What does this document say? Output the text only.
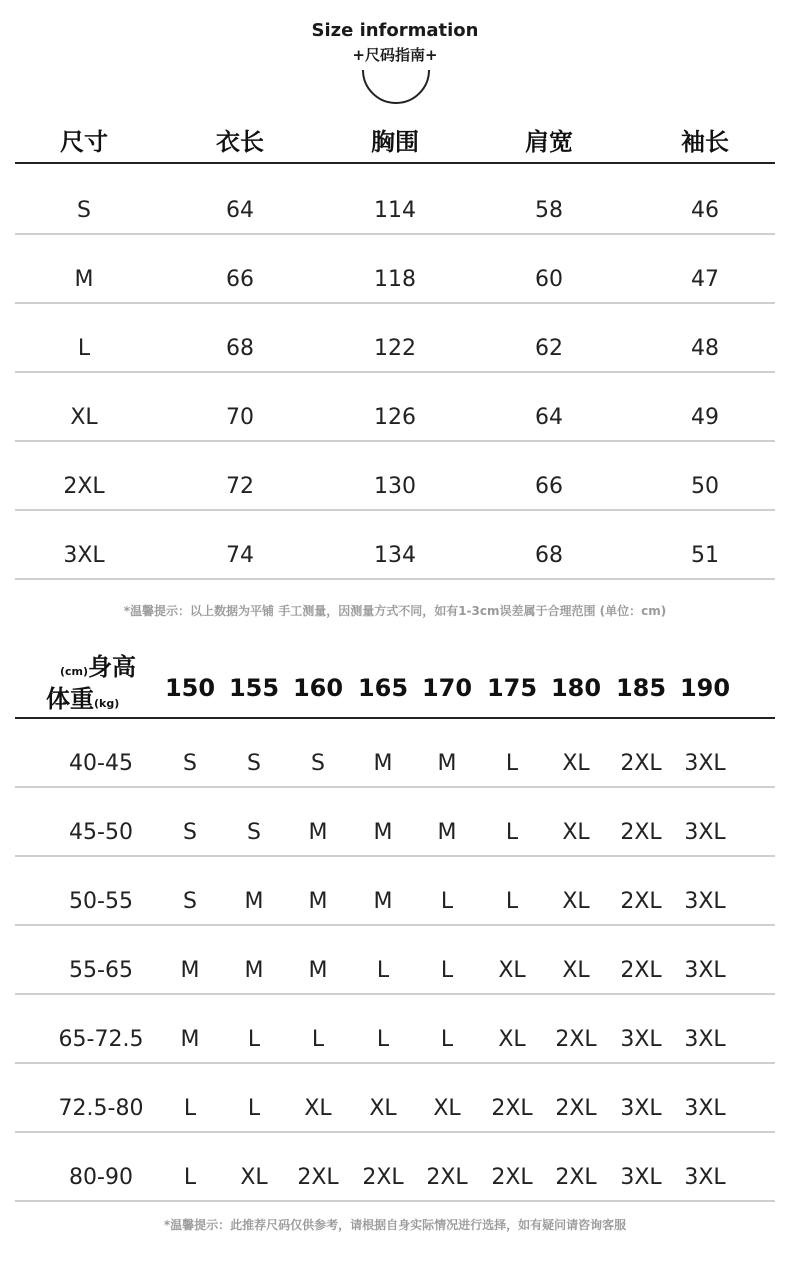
Size information
+尺码指南+
尺寸	衣长	胸围	肩宽	袖长
S	64	114	58	46
M	66	118	60	47
L	68	122	62	48
XL	70	126	64	49
2XL	72	130	66	50
3XL	74	134	68	51
*温馨提示：以上数据为平铺 手工测量，因测量方式不同，如有1-3cm误差属于合理范围 (单位：cm)
(cm)身高
体重(kg)
150 155 160 165 170 175 180 185 190
40-45	S	S	S	M	M	L	XL	2XL	3XL
45-50	S	S	M	M	M	L	XL	2XL	3XL
50-55	S	M	M	M	L	L	XL	2XL	3XL
55-65	M	M	M	L	L	XL	XL	2XL	3XL
65-72.5	M	L	L	L	L	XL	2XL	3XL	3XL
72.5-80	L	L	XL	XL	XL	2XL	2XL	3XL	3XL
80-90	L	XL	2XL	2XL	2XL	2XL	2XL	3XL	3XL
*温馨提示：此推荐尺码仅供参考，请根据自身实际情况进行选择，如有疑问请咨询客服
